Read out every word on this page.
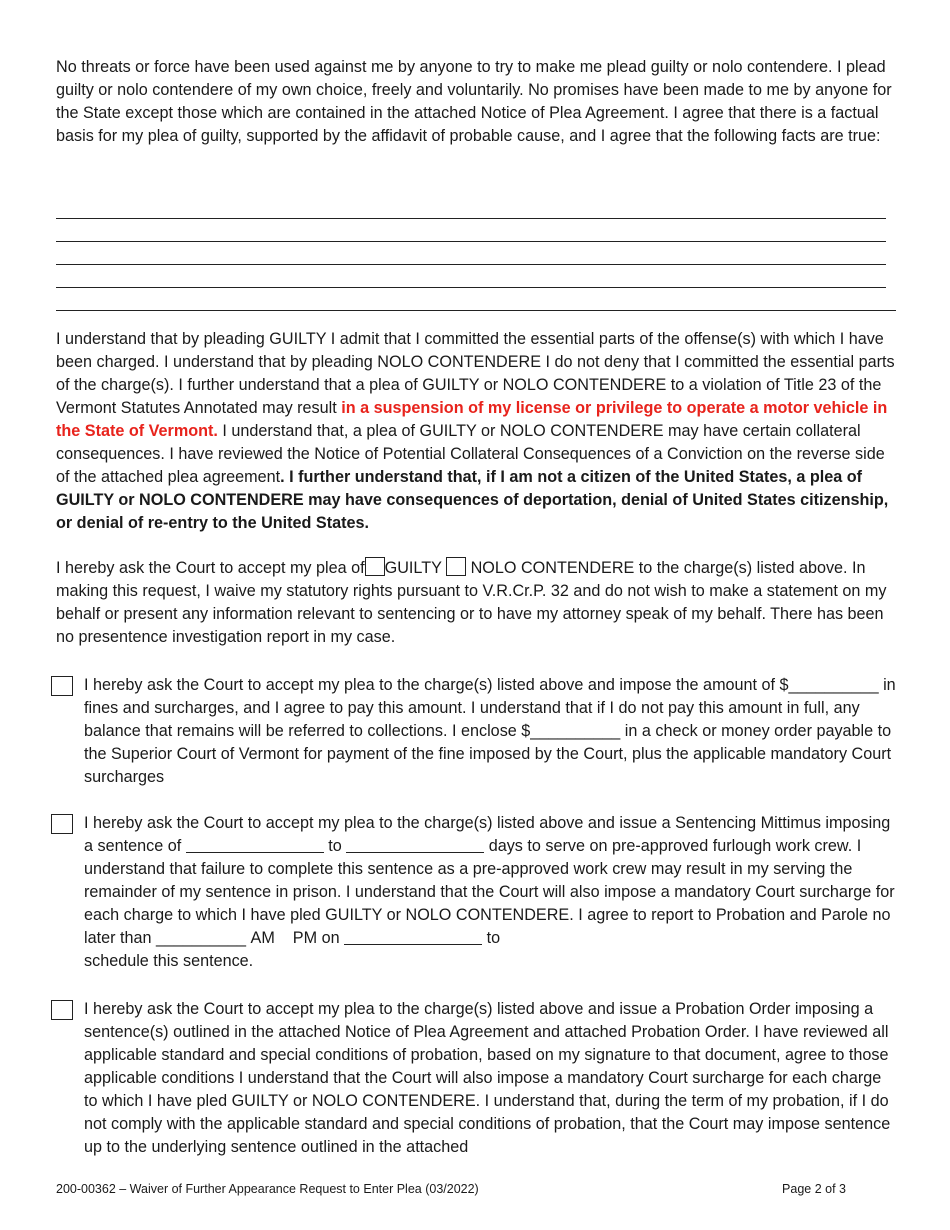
No threats or force have been used against me by anyone to try to make me plead guilty or nolo contendere. I plead guilty or nolo contendere of my own choice, freely and voluntarily. No promises have been made to me by anyone for the State except those which are contained in the attached Notice of Plea Agreement. I agree that there is a factual basis for my plea of guilty, supported by the affidavit of probable cause, and I agree that the following facts are true:

I understand that by pleading GUILTY I admit that I committed the essential parts of the offense(s) with which I have been charged. I understand that by pleading NOLO CONTENDERE I do not deny that I committed the essential parts of the charge(s). I further understand that a plea of GUILTY or NOLO CONTENDERE to a violation of Title 23 of the Vermont Statutes Annotated may result in a suspension of my license or privilege to operate a motor vehicle in the State of Vermont. I understand that, a plea of GUILTY or NOLO CONTENDERE may have certain collateral consequences. I have reviewed the Notice of Potential Collateral Consequences of a Conviction on the reverse side of the attached plea agreement. I further understand that, if I am not a citizen of the United States, a plea of GUILTY or NOLO CONTENDERE may have consequences of deportation, denial of United States citizenship, or denial of re-entry to the United States.

I hereby ask the Court to accept my plea of GUILTY  NOLO CONTENDERE to the charge(s) listed above. In
making this request, I waive my statutory rights pursuant to V.R.Cr.P. 32 and do not wish to make a statement on my behalf or present any information relevant to sentencing or to have my attorney speak of my behalf. There has been no presentence investigation report in my case.

I hereby ask the Court to accept my plea to the charge(s) listed above and impose the amount of $__________ in fines and surcharges, and I agree to pay this amount. I understand that if I do not pay this amount in full, any balance that remains will be referred to collections. I enclose $__________ in a check or money order payable to the Superior Court of Vermont for payment of the fine imposed by the Court, plus the applicable mandatory Court surcharges

I hereby ask the Court to accept my plea to the charge(s) listed above and issue a Sentencing Mittimus imposing a sentence of	to	days to serve on pre-approved furlough work crew. I understand that failure to complete this sentence as a pre-approved work crew may result in my serving the remainder of my sentence in prison. I understand that the Court will also impose a mandatory Court surcharge for each charge to which I have pled GUILTY or NOLO CONTENDERE. I agree to report to Probation and Parole no later than __________
AM PM on	to
schedule this sentence.

I hereby ask the Court to accept my plea to the charge(s) listed above and issue a Probation Order imposing a sentence(s) outlined in the attached Notice of Plea Agreement and attached Probation Order. I have reviewed all applicable standard and special conditions of probation, based on my signature to that document, agree to those applicable conditions I understand that the Court will also impose a mandatory Court surcharge for each charge to which I have pled GUILTY or NOLO CONTENDERE. I understand that, during the term of my probation, if I do not comply with the applicable standard and special conditions of probation, that the Court may impose sentence up to the underlying sentence outlined in the attached

200-00362 – Waiver of Further Appearance Request to Enter Plea (03/2022)	Page 2 of 3
